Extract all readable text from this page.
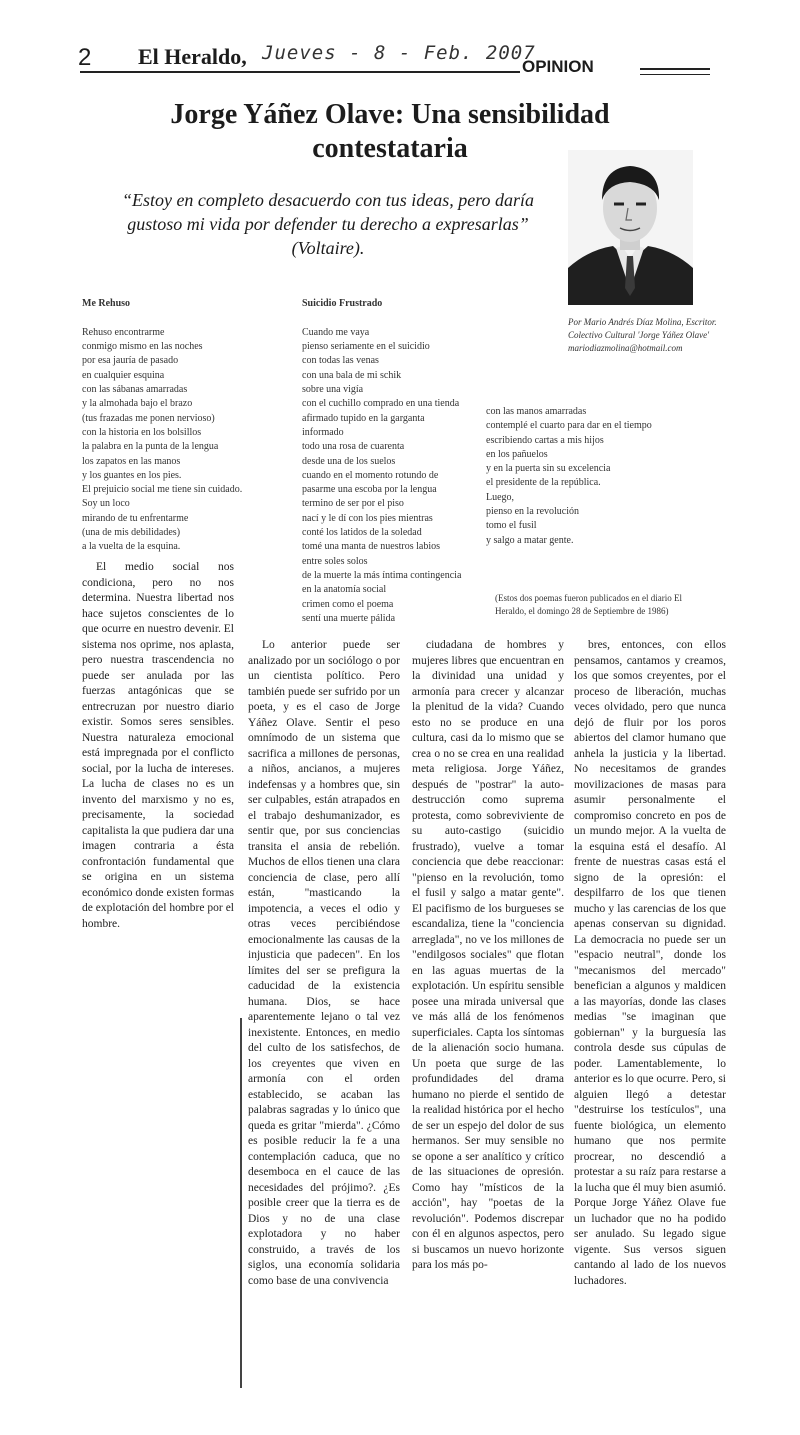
2 El Heraldo, Jueves - 8 - Feb. 2007
OPINION
Jorge Yáñez Olave: Una sensibilidad
contestataria
“Estoy en completo desacuerdo con tus ideas, pero daría gustoso mi vida por defender tu derecho a expresarlas” (Voltaire).
Por Mario Andrés Díaz Molina, Escritor. Colectivo Cultural 'Jorge Yáñez Olave' mariodiazmolina@hotmail.com

Me Rehuso

Rehuso encontrarme
conmigo mismo en las noches
por esa jauría de pasado
en cualquier esquina
con las sábanas amarradas
y la almohada bajo el brazo
(tus frazadas me ponen nervioso)
con la historia en los bolsillos
la palabra en la punta de la lengua
los zapatos en las manos
y los guantes en los pies.
El prejuicio social me tiene sin cuidado.
Soy un loco
mirando de tu enfrentarme
(una de mis debilidades)
a la vuelta de la esquina.

Suicidio Frustrado

Cuando me vaya
pienso seriamente en el suicidio
con todas las venas
con una bala de mi schik
sobre una vigía
con el cuchillo comprado en una tienda
afirmado tupido en la garganta
informado
todo una rosa de cuarenta
desde una de los suelos
cuando en el momento rotundo de
pasarme una escoba por la lengua
termino de ser por el piso
nací y le dí con los pies mientras
conté los latidos de la soledad
tomé una manta de nuestros labios
entre soles solos
de la muerte la más íntima contingencia
en la anatomía social
crimen como el poema
sentí una muerte pálida

con las manos amarradas
contemplé el cuarto para dar en el tiempo
escribiendo cartas a mis hijos
en los pañuelos
y en la puerta sin su excelencia
el presidente de la república.
Luego,
pienso en la revolución
tomo el fusil
y salgo a matar gente.
(Estos dos poemas fueron publicados en el diario El Heraldo, el domingo 28 de Septiembre de 1986)

El medio social nos condiciona, pero no nos determina. Nuestra libertad nos hace sujetos conscientes de lo que ocurre en nuestro devenir. El sistema nos oprime, nos aplasta, pero nuestra trascendencia no puede ser anulada por las fuerzas antagónicas que se entrecruzan por nuestro diario existir. Somos seres sensibles. Nuestra naturaleza emocional está impregnada por el conflicto social, por la lucha de intereses. La lucha de clases no es un invento del marxismo y no es, precisamente, la sociedad capitalista la que pudiera dar una imagen contraria a ésta confrontación fundamental que se origina en un sistema económico donde existen formas de explotación del hombre por el hombre.

Lo anterior puede ser analizado por un sociólogo o por un cientista político. Pero también puede ser sufrido por un poeta, y es el caso de Jorge Yáñez Olave. Sentir el peso omnímodo de un sistema que sacrifica a millones de personas, a niños, ancianos, a mujeres indefensas y a hombres que, sin ser culpables, están atrapados en el trabajo deshumanizador, es sentir que, por sus conciencias transita el ansia de rebelión. Muchos de ellos tienen una clara conciencia de clase, pero allí están, "masticando la impotencia, a veces el odio y otras veces percibiéndose emocionalmente las causas de la injusticia que padecen". En los límites del ser se prefigura la caducidad de la existencia humana. Dios, se hace aparentemente lejano o tal vez inexistente. Entonces, en medio del culto de los satisfechos, de los creyentes que viven en armonía con el orden establecido, se acaban las palabras sagradas y lo único que queda es gritar "mierda". ¿Cómo es posible reducir la fe a una contemplación caduca, que no desemboca en el cauce de las necesidades del prójimo?. ¿Es posible creer que la tierra es de Dios y no de una clase explotadora y no haber construido, a través de los siglos, una economía solidaria como base de una convivencia

ciudadana de hombres y mujeres libres que encuentran en la divinidad una unidad y armonía para crecer y alcanzar la plenitud de la vida? Cuando esto no se produce en una cultura, casi da lo mismo que se crea o no se crea en una realidad meta religiosa. Jorge Yáñez, después de "postrar" la auto-destrucción como suprema protesta, como sobreviviente de su auto-castigo (suicidio frustrado), vuelve a tomar conciencia que debe reaccionar: "pienso en la revolución, tomo el fusil y salgo a matar gente". El pacifismo de los burgueses se escandaliza, tiene la "conciencia arreglada", no ve los millones de "endilgosos sociales" que flotan en las aguas muertas de la explotación. Un espíritu sensible posee una mirada universal que ve más allá de los fenómenos superficiales. Capta los síntomas de la alienación socio humana. Un poeta que surge de las profundidades del drama humano no pierde el sentido de la realidad histórica por el hecho de ser un espejo del dolor de sus hermanos. Ser muy sensible no se opone a ser analítico y crítico de las situaciones de opresión. Como hay "místicos de la acción", hay "poetas de la revolución". Podemos discrepar con él en algunos aspectos, pero si buscamos un nuevo horizonte para los más po-

bres, entonces, con ellos pensamos, cantamos y creamos, los que somos creyentes, por el proceso de liberación, muchas veces olvidado, pero que nunca dejó de fluir por los poros abiertos del clamor humano que anhela la justicia y la libertad. No necesitamos de grandes movilizaciones de masas para asumir personalmente el compromiso concreto en pos de un mundo mejor. A la vuelta de la esquina está el desafío. Al frente de nuestras casas está el signo de la opresión: el despilfarro de los que tienen mucho y las carencias de los que apenas conservan su dignidad. La democracia no puede ser un "espacio neutral", donde los "mecanismos del mercado" benefician a algunos y maldicen a las mayorías, donde las clases medias "se imaginan que gobiernan" y la burguesía las controla desde sus cúpulas de poder. Lamentablemente, lo anterior es lo que ocurre. Pero, si alguien llegó a detestar "destruirse los testículos", una fuente biológica, un elemento humano que nos permite procrear, no descendió a protestar a su raíz para restarse a la lucha que él muy bien asumió. Porque Jorge Yáñez Olave fue un luchador que no ha podido ser anulado. Su legado sigue vigente. Sus versos siguen cantando al lado de los nuevos luchadores.
